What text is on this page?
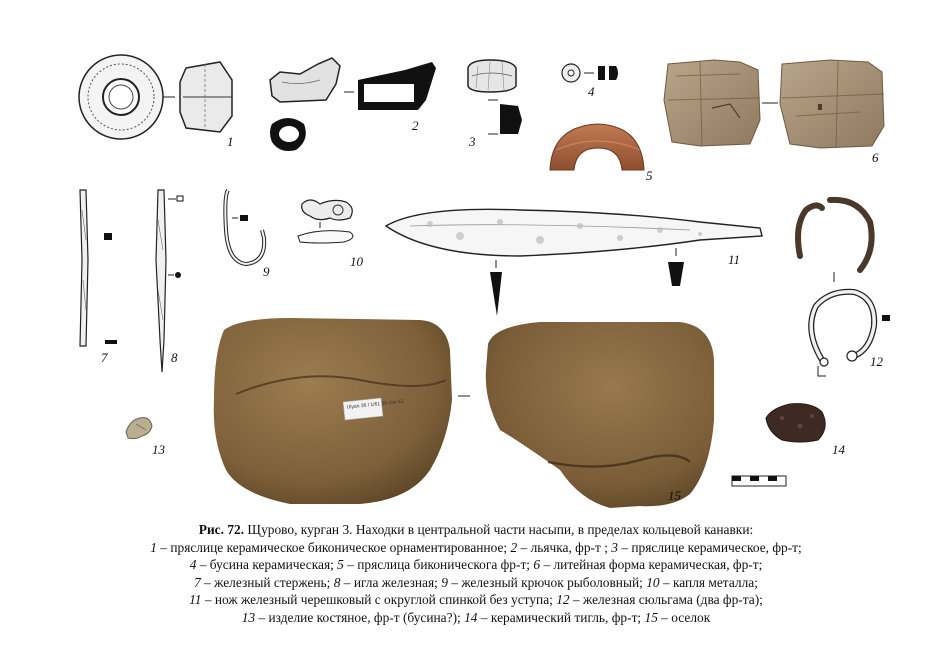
Ulyan 36 / 1/61 38 сон 63
1
2
3
4
5
6
7	8
9
10	11
12
13	14
15
Рис. 72. Щурово, курган 3. Находки в центральной части насыпи, в пределах кольцевой канавки:
1 – пряслице керамическое биконическое орнаментированное; 2 – льячка, фр-т ; 3 – пряслице керамическое, фр-т;
4 – бусина керамическая; 5 – пряслица биконическога фр-т; 6 – литейная форма керамическая, фр-т;
7 – железный стержень; 8 – игла железная; 9 – железный крючок рыболовный; 10 – капля металла;
11 – нож железный черешковый с округлой спинкой без уступа; 12 – железная сюльгама (два фр-та);
13 – изделие костяное, фр-т (бусина?); 14 – керамический тигль, фр-т; 15 – оселок
